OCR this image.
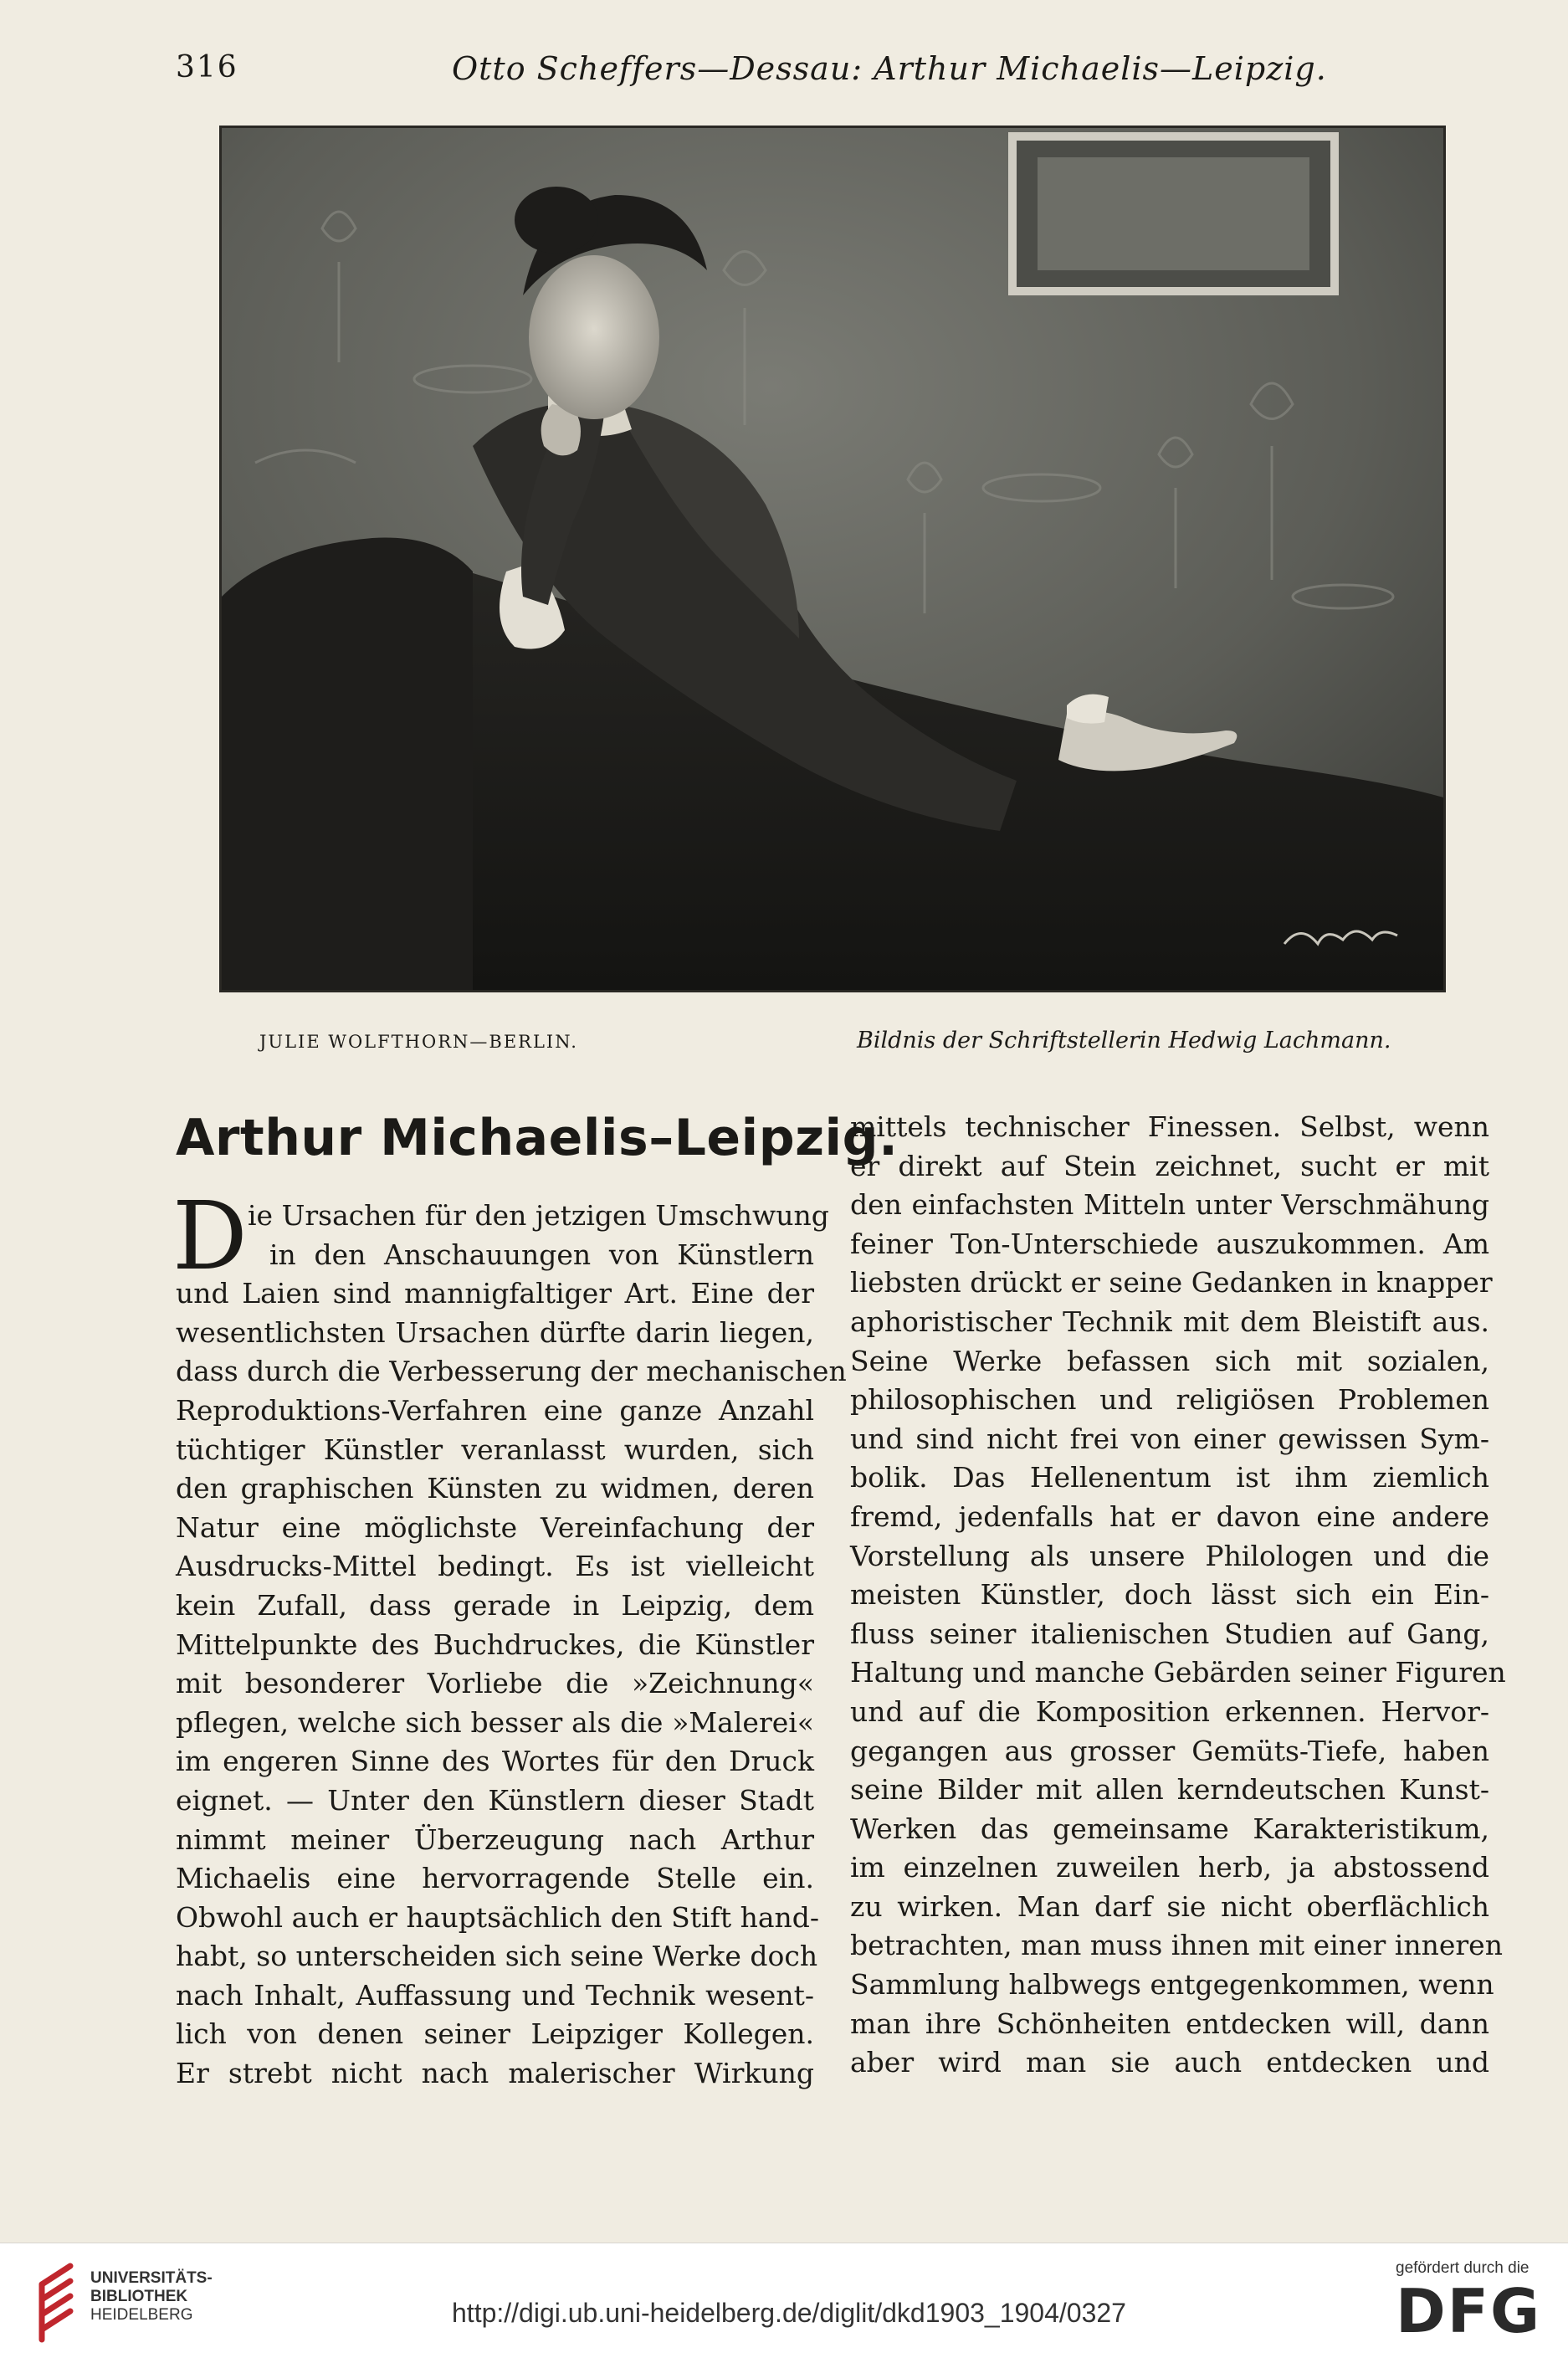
316	Otto Scheffers—Dessau: Arthur Michaelis—Leipzig.
JULIE WOLFTHORN—BERLIN.	Bildnis der Schriftstellerin Hedwig Lachmann.
Arthur Michaelis–Leipzig.
D ie Ursachen für den jetzigen Umschwung
in den Anschauungen von Künstlern
und Laien sind mannigfaltiger Art. Eine der
wesentlichsten Ursachen dürfte darin liegen,
dass durch die Verbesserung der mechanischen
Reproduktions-Verfahren eine ganze Anzahl
tüchtiger Künstler veranlasst wurden, sich
den graphischen Künsten zu widmen, deren
Natur eine möglichste Vereinfachung der
Ausdrucks-Mittel bedingt. Es ist vielleicht
kein Zufall, dass gerade in Leipzig, dem
Mittelpunkte des Buchdruckes, die Künstler
mit besonderer Vorliebe die »Zeichnung«
pflegen, welche sich besser als die »Malerei«
im engeren Sinne des Wortes für den Druck
eignet. — Unter den Künstlern dieser Stadt
nimmt meiner Überzeugung nach Arthur
Michaelis eine hervorragende Stelle ein.
Obwohl auch er hauptsächlich den Stift hand-
habt, so unterscheiden sich seine Werke doch
nach Inhalt, Auffassung und Technik wesent-
lich von denen seiner Leipziger Kollegen.
Er strebt nicht nach malerischer Wirkung
mittels technischer Finessen. Selbst, wenn
er direkt auf Stein zeichnet, sucht er mit
den einfachsten Mitteln unter Verschmähung
feiner Ton-Unterschiede auszukommen. Am
liebsten drückt er seine Gedanken in knapper
aphoristischer Technik mit dem Bleistift aus.
Seine Werke befassen sich mit sozialen,
philosophischen und religiösen Problemen
und sind nicht frei von einer gewissen Sym-
bolik. Das Hellenentum ist ihm ziemlich
fremd, jedenfalls hat er davon eine andere
Vorstellung als unsere Philologen und die
meisten Künstler, doch lässt sich ein Ein-
fluss seiner italienischen Studien auf Gang,
Haltung und manche Gebärden seiner Figuren
und auf die Komposition erkennen. Hervor-
gegangen aus grosser Gemüts-Tiefe, haben
seine Bilder mit allen kerndeutschen Kunst-
Werken das gemeinsame Karakteristikum,
im einzelnen zuweilen herb, ja abstossend
zu wirken. Man darf sie nicht oberflächlich
betrachten, man muss ihnen mit einer inneren
Sammlung halbwegs entgegenkommen, wenn
man ihre Schönheiten entdecken will, dann
aber wird man sie auch entdecken und
UNIVERSITÄTS-
BIBLIOTHEK
HEIDELBERG	http://digi.ub.uni-heidelberg.de/diglit/dkd1903_1904/0327
gefördert durch die
DFG
